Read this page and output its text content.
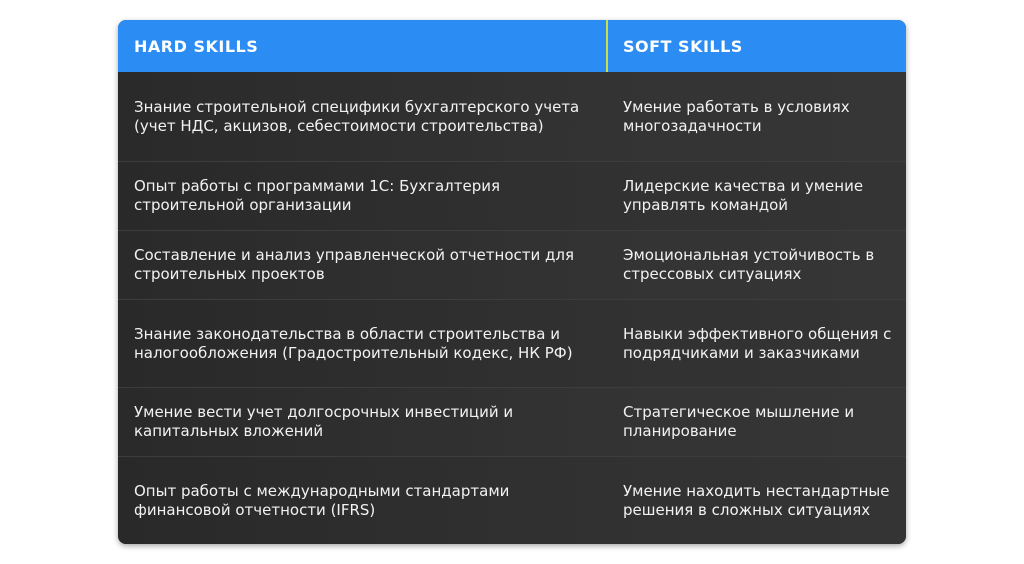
HARD SKILLS	SOFT SKILLS
Знание строительной специфики бухгалтерского учета (учет НДС, акцизов, себестоимости строительства)
Умение работать в условиях многозадачности
Опыт работы с программами 1С: Бухгалтерия строительной организации
Лидерские качества и умение управлять командой
Составление и анализ управленческой отчетности для строительных проектов
Эмоциональная устойчивость в стрессовых ситуациях
Знание законодательства в области строительства и налогообложения (Градостроительный кодекс, НК РФ)
Навыки эффективного общения с подрядчиками и заказчиками
Умение вести учет долгосрочных инвестиций и капитальных вложений
Стратегическое мышление и планирование
Опыт работы с международными стандартами финансовой отчетности (IFRS)
Умение находить нестандартные решения в сложных ситуациях
